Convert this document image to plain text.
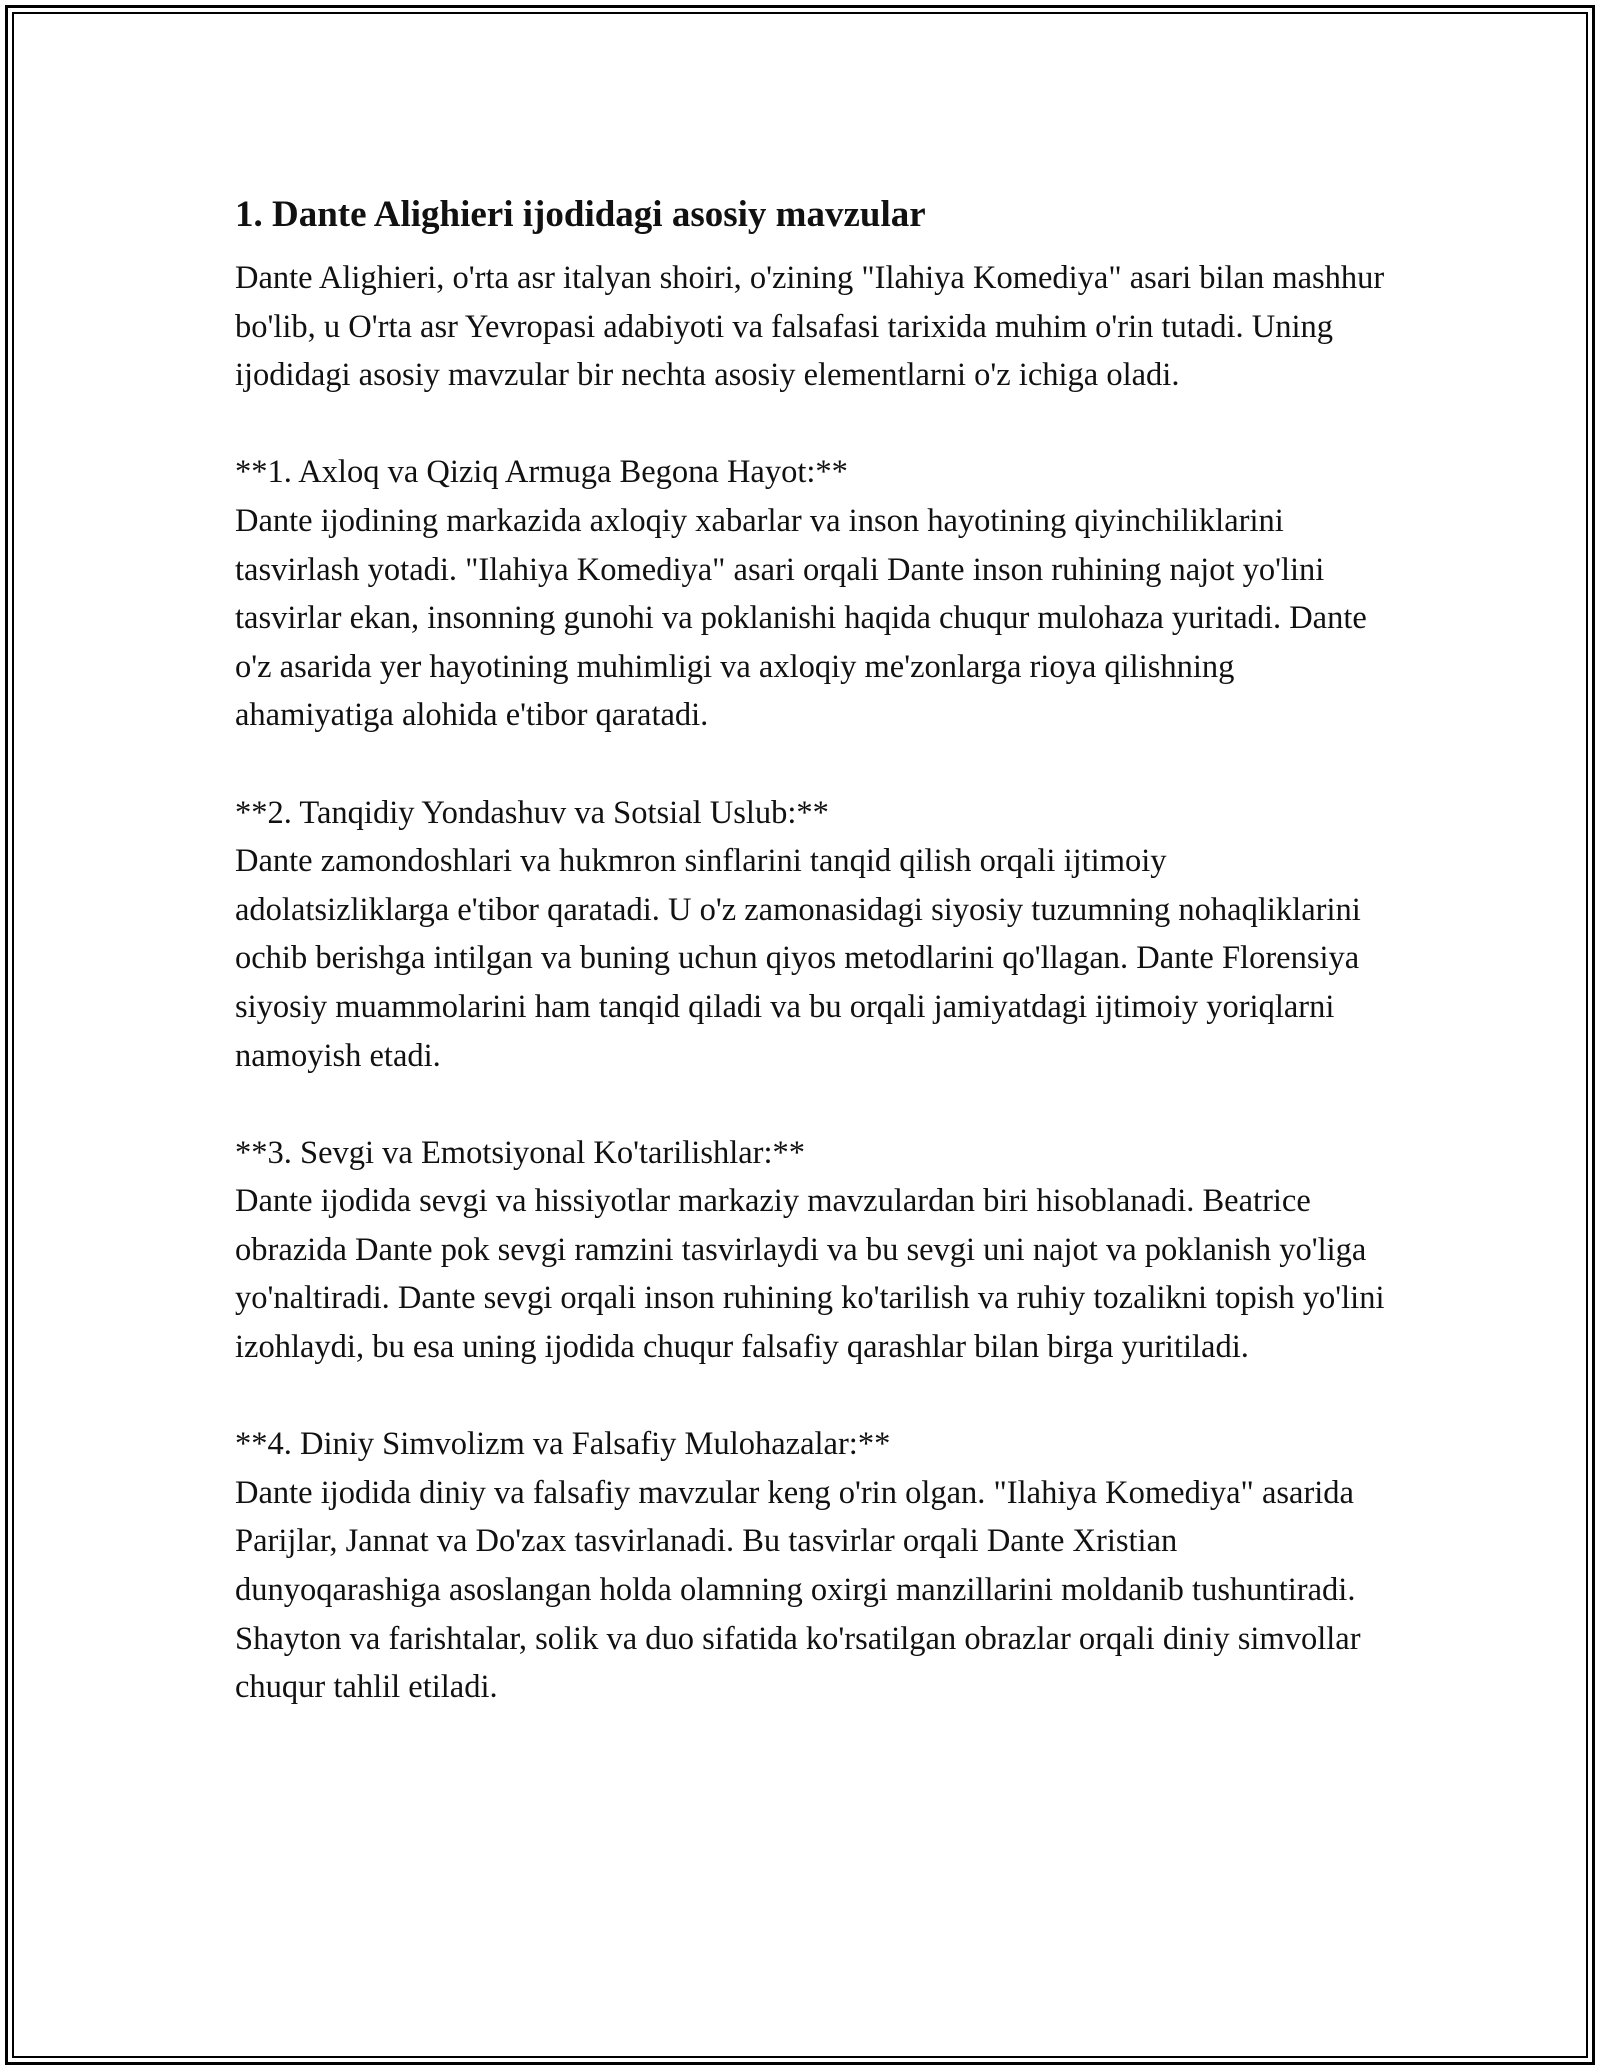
1. Dante Alighieri ijodidagi asosiy mavzular

Dante Alighieri, o'rta asr italyan shoiri, o'zining "Ilahiya Komediya" asari bilan mashhur bo'lib, u O'rta asr Yevropasi adabiyoti va falsafasi tarixida muhim o'rin tutadi. Uning ijodidagi asosiy mavzular bir nechta asosiy elementlarni o'z ichiga oladi.

**1. Axloq va Qiziq Armuga Begona Hayot:**

Dante ijodining markazida axloqiy xabarlar va inson hayotining qiyinchiliklarini tasvirlash yotadi. "Ilahiya Komediya" asari orqali Dante inson ruhining najot yo'lini tasvirlar ekan, insonning gunohi va poklanishi haqida chuqur mulohaza yuritadi. Dante o'z asarida yer hayotining muhimligi va axloqiy me'zonlarga rioya qilishning ahamiyatiga alohida e'tibor qaratadi.

**2. Tanqidiy Yondashuv va Sotsial Uslub:**

Dante zamondoshlari va hukmron sinflarini tanqid qilish orqali ijtimoiy adolatsizliklarga e'tibor qaratadi. U o'z zamonasidagi siyosiy tuzumning nohaqliklarini ochib berishga intilgan va buning uchun qiyos metodlarini qo'llagan. Dante Florensiya siyosiy muammolarini ham tanqid qiladi va bu orqali jamiyatdagi ijtimoiy yoriqlarni namoyish etadi.

**3. Sevgi va Emotsiyonal Ko'tarilishlar:**

Dante ijodida sevgi va hissiyotlar markaziy mavzulardan biri hisoblanadi. Beatrice obrazida Dante pok sevgi ramzini tasvirlaydi va bu sevgi uni najot va poklanish yo'liga yo'naltiradi. Dante sevgi orqali inson ruhining ko'tarilish va ruhiy tozalikni topish yo'lini izohlaydi, bu esa uning ijodida chuqur falsafiy qarashlar bilan birga yuritiladi.

**4. Diniy Simvolizm va Falsafiy Mulohazalar:**

Dante ijodida diniy va falsafiy mavzular keng o'rin olgan. "Ilahiya Komediya" asarida Parijlar, Jannat va Do'zax tasvirlanadi. Bu tasvirlar orqali Dante Xristian dunyoqarashiga asoslangan holda olamning oxirgi manzillarini moldanib tushuntiradi. Shayton va farishtalar, solik va duo sifatida ko'rsatilgan obrazlar orqali diniy simvollar chuqur tahlil etiladi.
